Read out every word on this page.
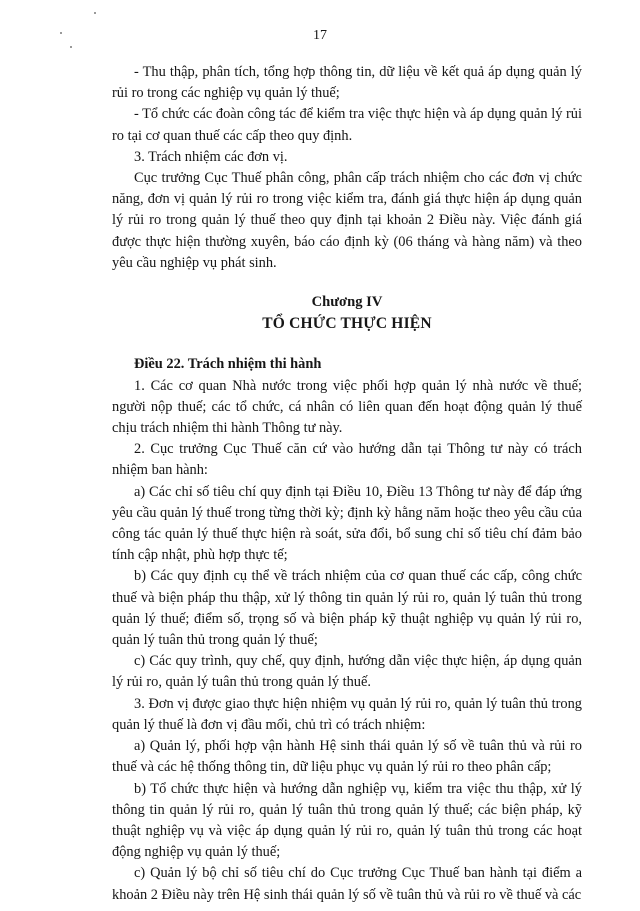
17

- Thu thập, phân tích, tổng hợp thông tin, dữ liệu về kết quả áp dụng quản lý rủi ro trong các nghiệp vụ quản lý thuế;

- Tổ chức các đoàn công tác để kiểm tra việc thực hiện và áp dụng quản lý rủi ro tại cơ quan thuế các cấp theo quy định.

3. Trách nhiệm các đơn vị.

Cục trưởng Cục Thuế phân công, phân cấp trách nhiệm cho các đơn vị chức năng, đơn vị quản lý rủi ro trong việc kiểm tra, đánh giá thực hiện áp dụng quản lý rủi ro trong quản lý thuế theo quy định tại khoản 2 Điều này. Việc đánh giá được thực hiện thường xuyên, báo cáo định kỳ (06 tháng và hàng năm) và theo yêu cầu nghiệp vụ phát sinh.

Chương IV

TỔ CHỨC THỰC HIỆN

Điều 22. Trách nhiệm thi hành

1. Các cơ quan Nhà nước trong việc phối hợp quản lý nhà nước về thuế; người nộp thuế; các tổ chức, cá nhân có liên quan đến hoạt động quản lý thuế chịu trách nhiệm thi hành Thông tư này.

2. Cục trưởng Cục Thuế căn cứ vào hướng dẫn tại Thông tư này có trách nhiệm ban hành:

a) Các chỉ số tiêu chí quy định tại Điều 10, Điều 13 Thông tư này để đáp ứng yêu cầu quản lý thuế trong từng thời kỳ; định kỳ hằng năm hoặc theo yêu cầu của công tác quản lý thuế thực hiện rà soát, sửa đổi, bổ sung chỉ số tiêu chí đảm bảo tính cập nhật, phù hợp thực tế;

b) Các quy định cụ thể về trách nhiệm của cơ quan thuế các cấp, công chức thuế và biện pháp thu thập, xử lý thông tin quản lý rủi ro, quản lý tuân thủ trong quản lý thuế; điểm số, trọng số và biện pháp kỹ thuật nghiệp vụ quản lý rủi ro, quản lý tuân thủ trong quản lý thuế;

c) Các quy trình, quy chế, quy định, hướng dẫn việc thực hiện, áp dụng quản lý rủi ro, quản lý tuân thủ trong quản lý thuế.

3. Đơn vị được giao thực hiện nhiệm vụ quản lý rủi ro, quản lý tuân thủ trong quản lý thuế là đơn vị đầu mối, chủ trì có trách nhiệm:

a) Quản lý, phối hợp vận hành Hệ sinh thái quản lý số về tuân thủ và rủi ro thuế và các hệ thống thông tin, dữ liệu phục vụ quản lý rủi ro theo phân cấp;

b) Tổ chức thực hiện và hướng dẫn nghiệp vụ, kiểm tra việc thu thập, xử lý thông tin quản lý rủi ro, quản lý tuân thủ trong quản lý thuế; các biện pháp, kỹ thuật nghiệp vụ và việc áp dụng quản lý rủi ro, quản lý tuân thủ trong các hoạt động nghiệp vụ quản lý thuế;

c) Quản lý bộ chỉ số tiêu chí do Cục trưởng Cục Thuế ban hành tại điểm a khoản 2 Điều này trên Hệ sinh thái quản lý số về tuân thủ và rủi ro về thuế và các
